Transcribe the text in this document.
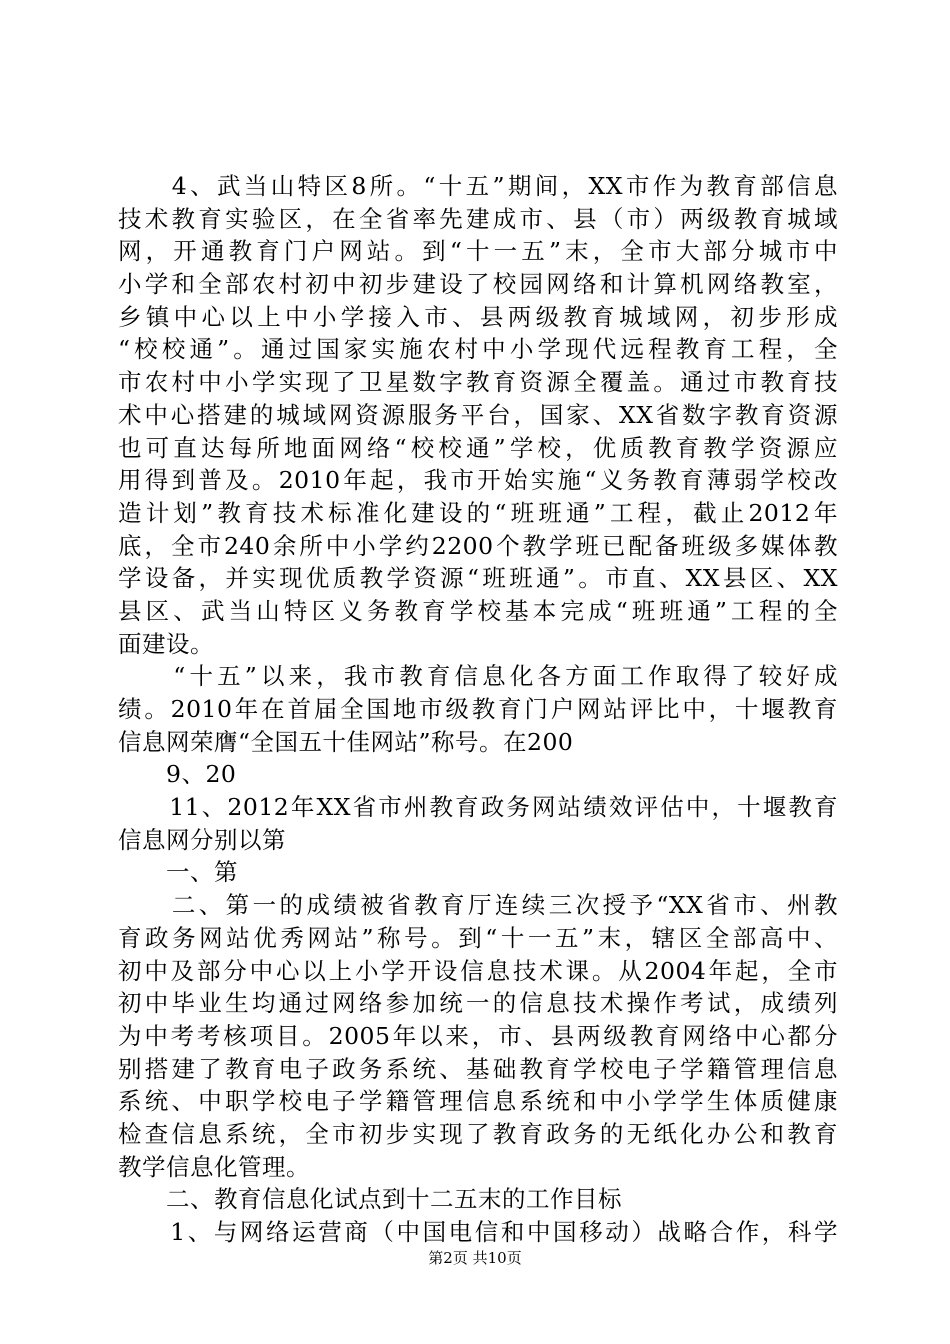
　　4、武当山特区8所。“十五”期间，XX市作为教育部信息
技术教育实验区，在全省率先建成市、县（市）两级教育城域
网，开通教育门户网站。到“十一五”末，全市大部分城市中
小学和全部农村初中初步建设了校园网络和计算机网络教室，
乡镇中心以上中小学接入市、县两级教育城域网，初步形成
“校校通”。通过国家实施农村中小学现代远程教育工程，全
市农村中小学实现了卫星数字教育资源全覆盖。通过市教育技
术中心搭建的城域网资源服务平台，国家、XX省数字教育资源
也可直达每所地面网络“校校通”学校，优质教育教学资源应
用得到普及。2010年起，我市开始实施“义务教育薄弱学校改
造计划”教育技术标准化建设的“班班通”工程，截止2012年
底，全市240余所中小学约2200个教学班已配备班级多媒体教
学设备，并实现优质教学资源“班班通”。市直、XX县区、XX
县区、武当山特区义务教育学校基本完成“班班通”工程的全
面建设。
　　“十五”以来，我市教育信息化各方面工作取得了较好成
绩。2010年在首届全国地市级教育门户网站评比中，十堰教育
信息网荣膺“全国五十佳网站”称号。在200
　　9、20
　　11、2012年XX省市州教育政务网站绩效评估中，十堰教育
信息网分别以第
　　一、第
　　二、第一的成绩被省教育厅连续三次授予“XX省市、州教
育政务网站优秀网站”称号。到“十一五”末，辖区全部高中、
初中及部分中心以上小学开设信息技术课。从2004年起，全市
初中毕业生均通过网络参加统一的信息技术操作考试，成绩列
为中考考核项目。2005年以来，市、县两级教育网络中心都分
别搭建了教育电子政务系统、基础教育学校电子学籍管理信息
系统、中职学校电子学籍管理信息系统和中小学学生体质健康
检查信息系统，全市初步实现了教育政务的无纸化办公和教育
教学信息化管理。
　　二、教育信息化试点到十二五末的工作目标
　　1、与网络运营商（中国电信和中国移动）战略合作，科学
第2页 共10页
